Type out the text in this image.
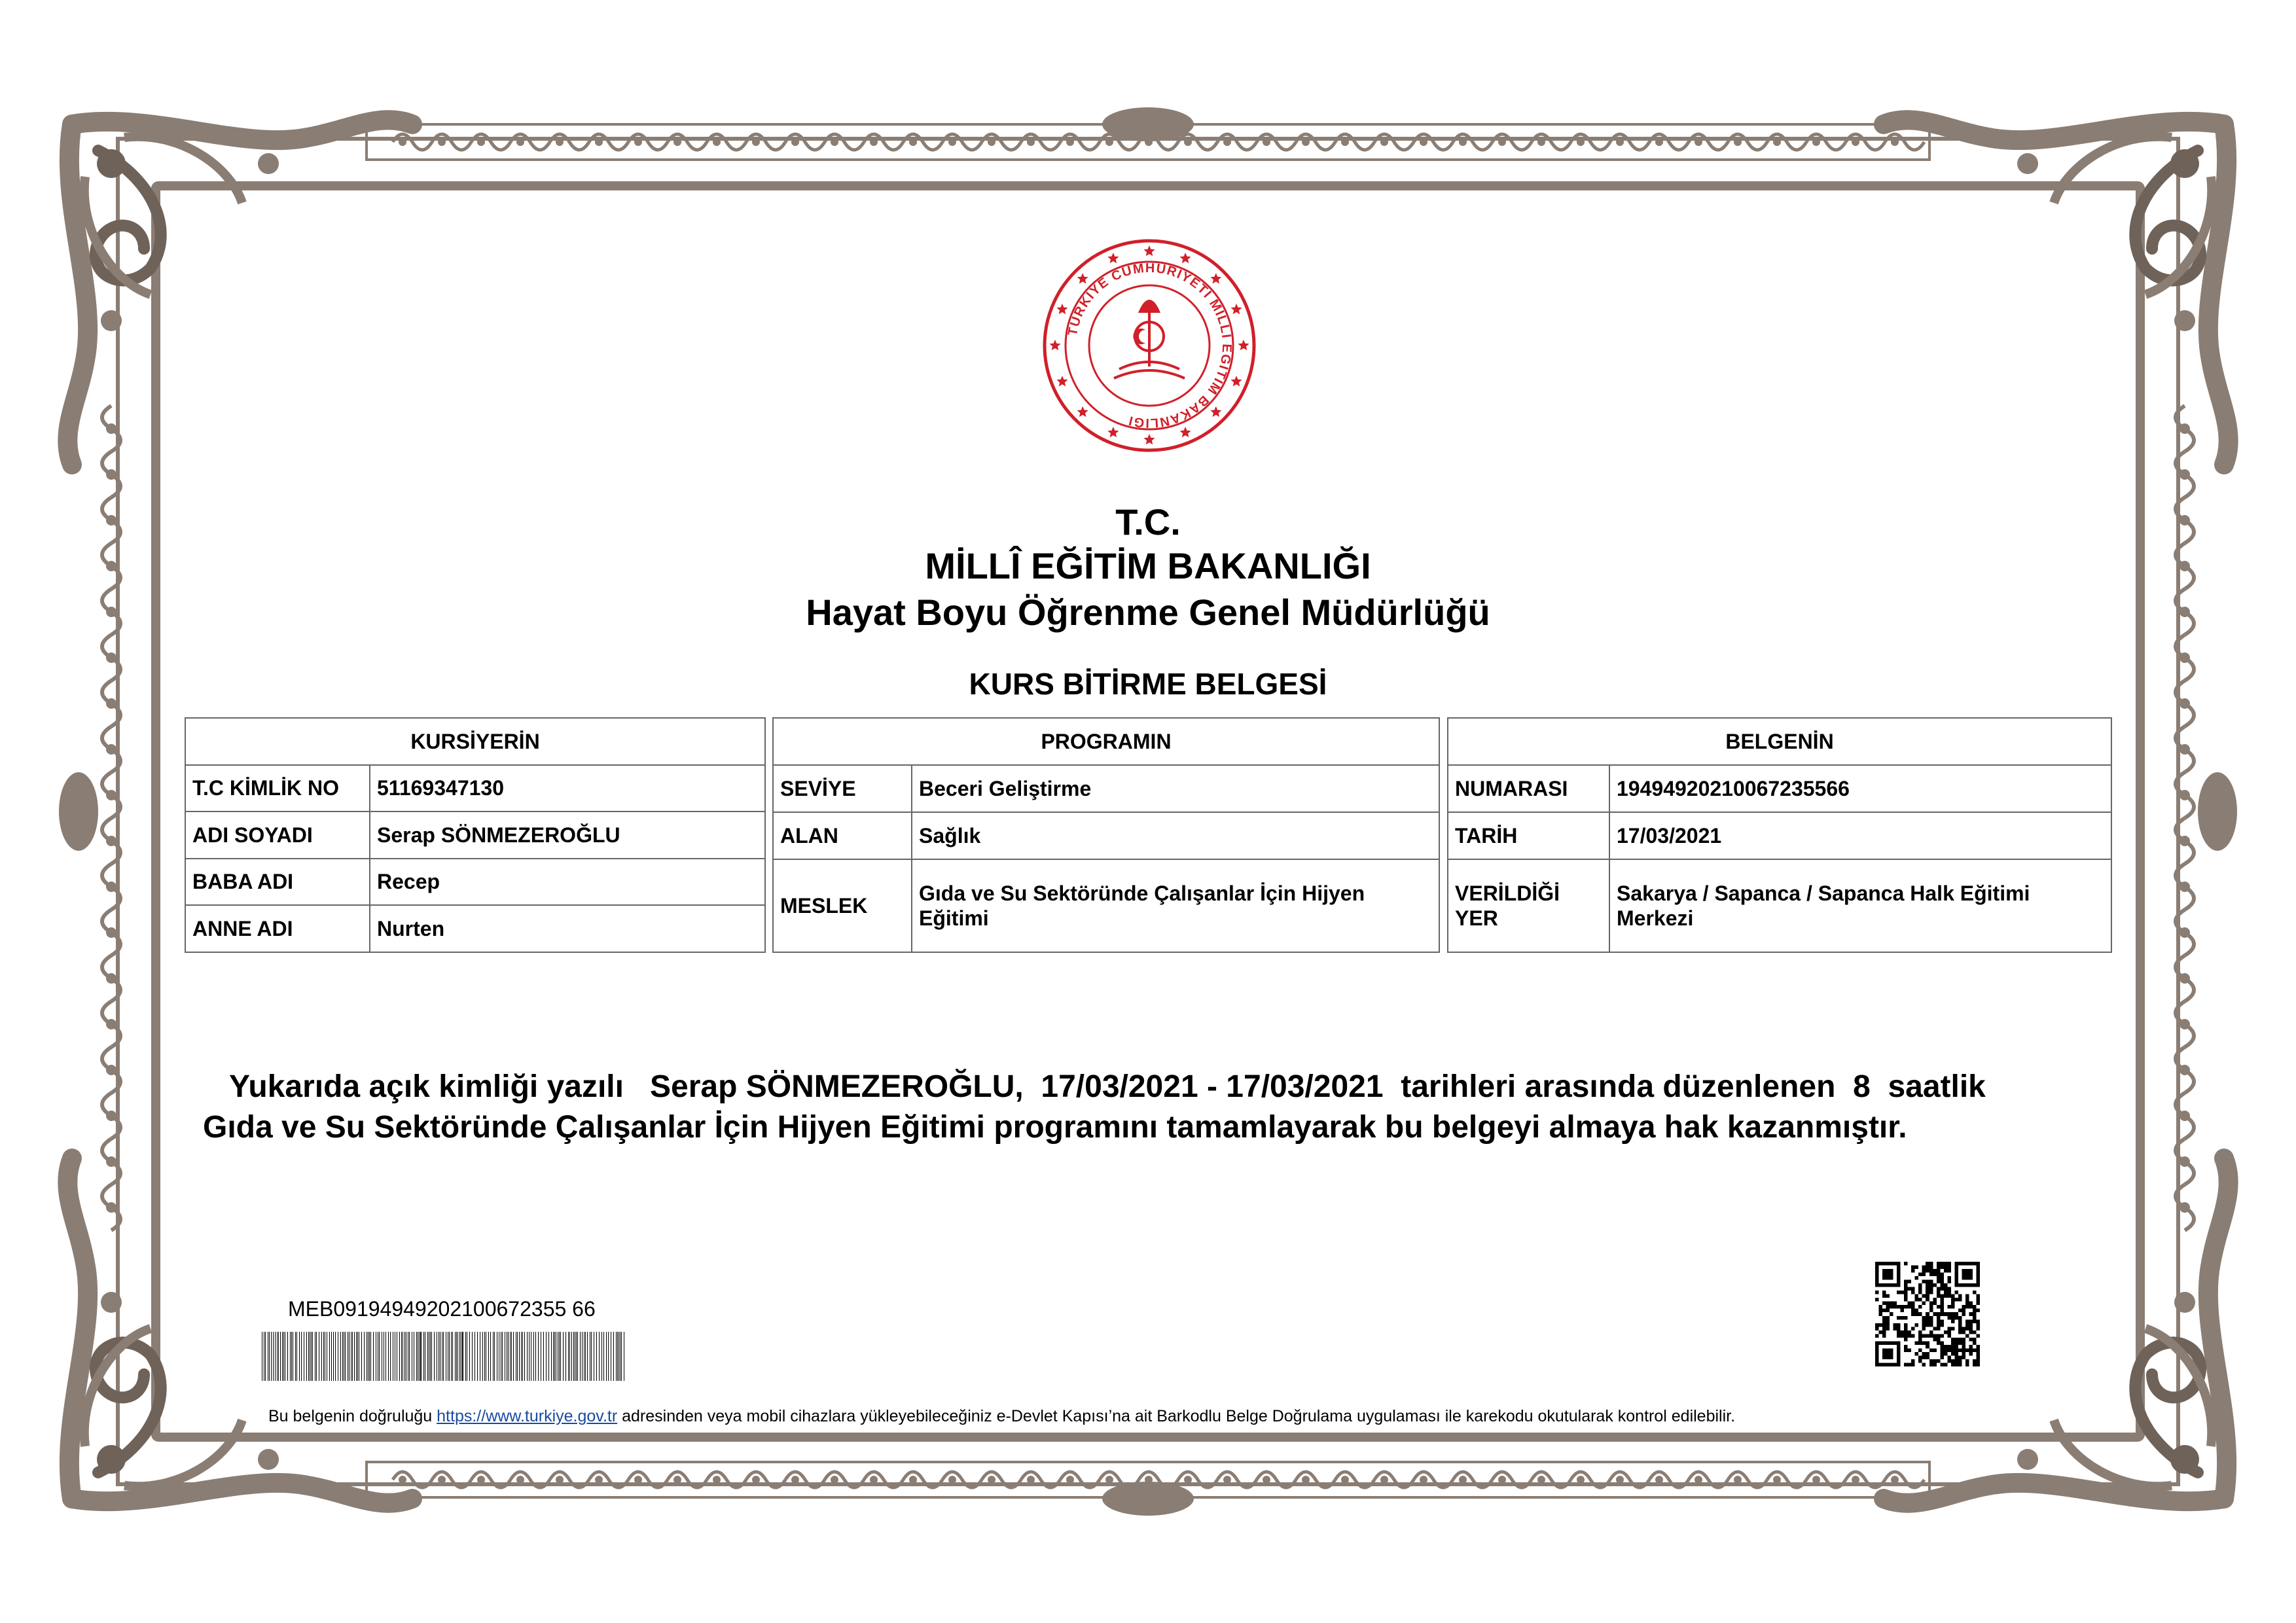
TÜRKİYE CUMHURİYETİ MİLLİ EĞİTİM BAKANLIĞI
T.C.
MİLLÎ EĞİTİM BAKANLIĞI
Hayat Boyu Öğrenme Genel Müdürlüğü
KURS BİTİRME BELGESİ
KURSİYERİN	
T.C KİMLİK NO	51169347130
ADI SOYADI	Serap SÖNMEZEROĞLU
BABA ADI	Recep
ANNE ADI	Nurten
PROGRAMIN	
SEVİYE	Beceri Geliştirme
ALAN	Sağlık
MESLEK	Gıda ve Su Sektöründe Çalışanlar İçin Hijyen Eğitimi
BELGENİN	
NUMARASI	19494920210067235566
TARİH	17/03/2021
VERİLDİĞİ YER	Sakarya / Sapanca / Sapanca Halk Eğitimi Merkezi
Yukarıda açık kimliği yazılı   Serap SÖNMEZEROĞLU,  17/03/2021 - 17/03/2021  tarihleri arasında düzenlenen  8  saatlik
Gıda ve Su Sektöründe Çalışanlar İçin Hijyen Eğitimi programını tamamlayarak bu belgeyi almaya hak kazanmıştır.
MEB09194949202100672355 66
Bu belgenin doğruluğu https://www.turkiye.gov.tr adresinden veya mobil cihazlara yükleyebileceğiniz e-Devlet Kapısı’na ait Barkodlu Belge Doğrulama uygulaması ile karekodu okutularak kontrol edilebilir.
